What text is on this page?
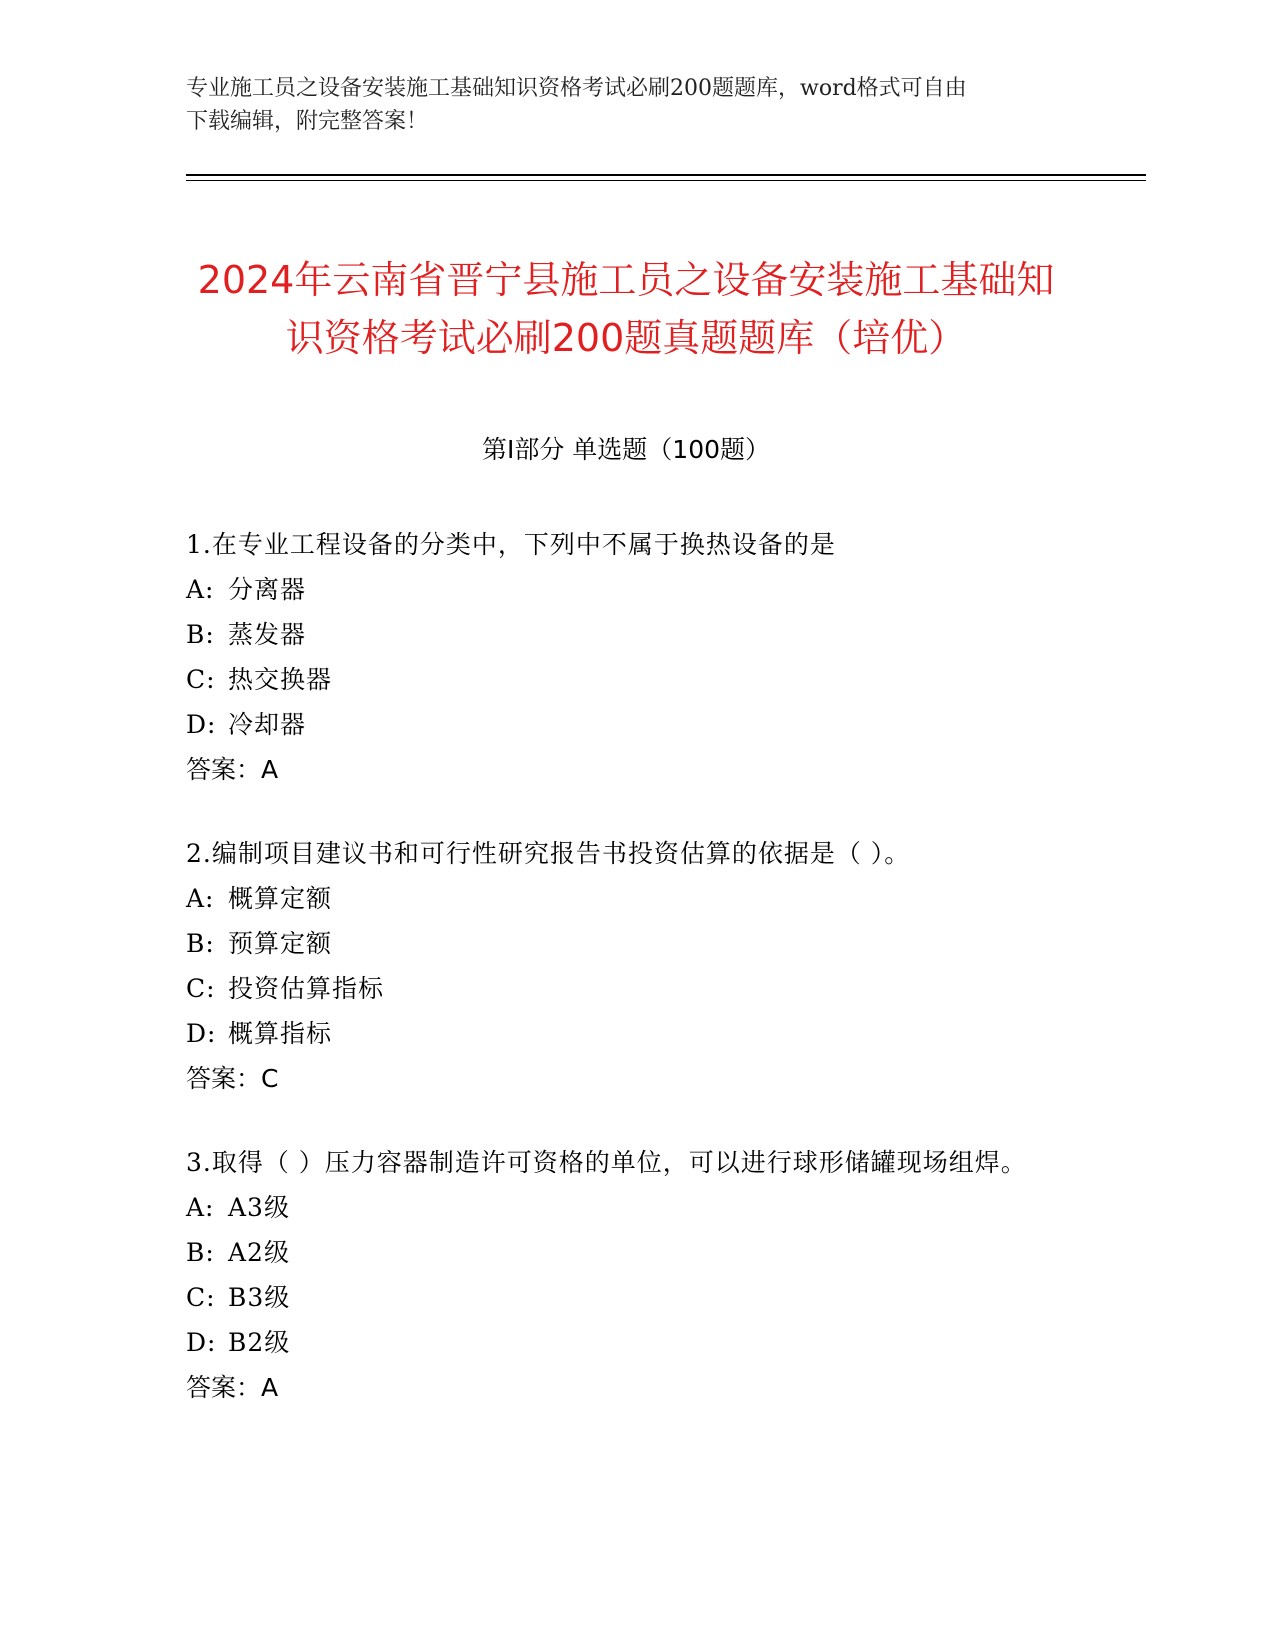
专业施工员之设备安装施工基础知识资格考试必刷200题题库，word格式可自由
下载编辑，附完整答案！
2024年云南省晋宁县施工员之设备安装施工基础知识资格考试必刷200题真题题库（培优）
第Ⅰ部分 单选题（100题）

1.在专业工程设备的分类中，下列中不属于换热设备的是

A: 分离器

B: 蒸发器

C: 热交换器

D: 冷却器

答案：A

2.编制项目建议书和可行性研究报告书投资估算的依据是（ ）。

A: 概算定额

B: 预算定额

C: 投资估算指标

D: 概算指标

答案：C

3.取得（ ）压力容器制造许可资格的单位，可以进行球形储罐现场组焊。

A: A3级

B: A2级

C: B3级

D: B2级

答案：A
